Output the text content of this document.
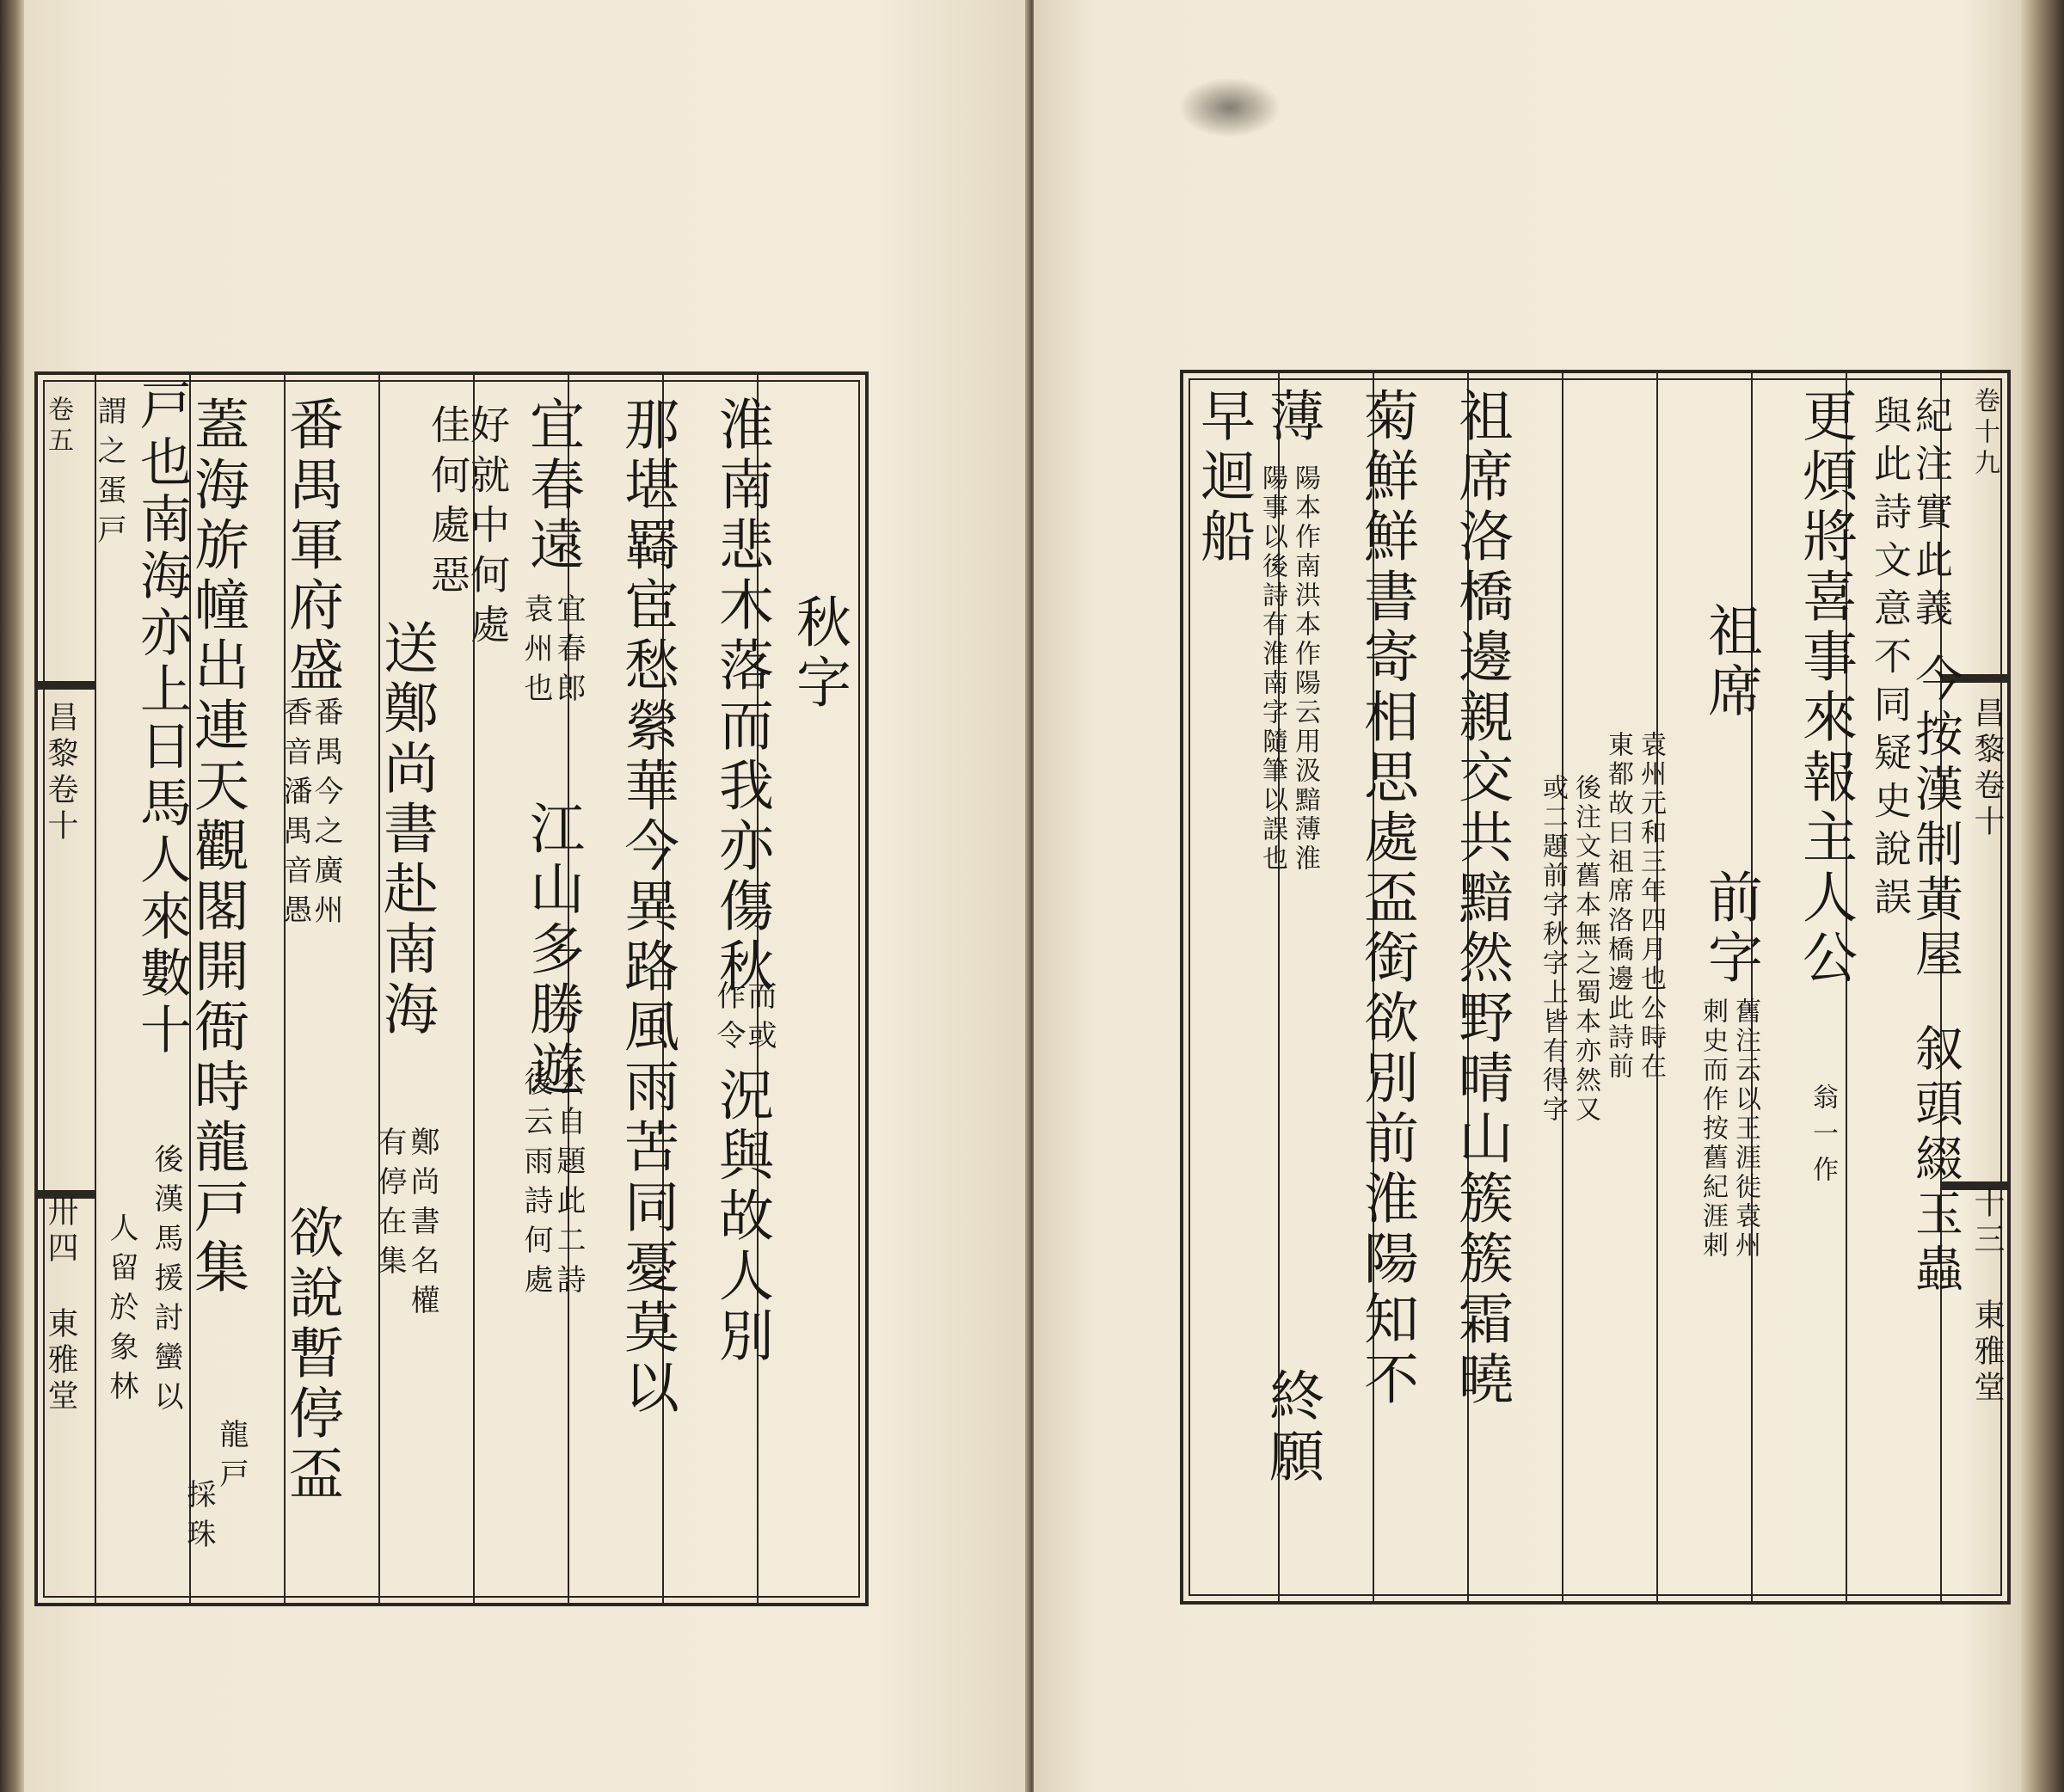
卷五
昌黎卷十
卅四
東雅堂
謂之蛋戸 戸也南海亦上日馬人來數十
後漢馬援討蠻以
人留於象林
蓋海旂幢出連天觀閣開衙時龍戸集
龍戸
採珠
番禺軍府盛
番禺今之廣州
香音潘禺音愚
欲說暫停盃
送鄭尚書赴南海
鄭尚書名權
有停在集
好就中何處
佳何處惡 宜春遠
宜春郎
袁州也
江山多勝遊
公自題此二詩
後云雨詩何處 那堪羇宦愁縈華今異路風雨苦同憂莫以 淮南悲木落而我亦傷秋
而或
作令
況與故人別
秋字
卷十九
昌黎卷十
十三
東雅堂
紀注實此義
與此詩文意不同疑史說誤
更煩將喜事來報主人公
祖席
前字
舊注云以王涯徙袁州
刺史而作按舊紀涯刺
袁州元和三年四月也公時在
東都故曰祖席洛橋邊此詩前
後注文舊本無之蜀本亦然又
或二題前字秋字上皆有得字
祖席洛橋邊親交共黯然野晴山簇簇霜曉
菊鮮鮮書寄相思處盃銜欲別前淮陽知不
薄
陽本作南洪本作陽云用汲黯薄淮
陽事以後詩有淮南字隨筆以誤也
終願
早迴船
今按漢制黃屋
叙頭綴玉蟲
翁一作
